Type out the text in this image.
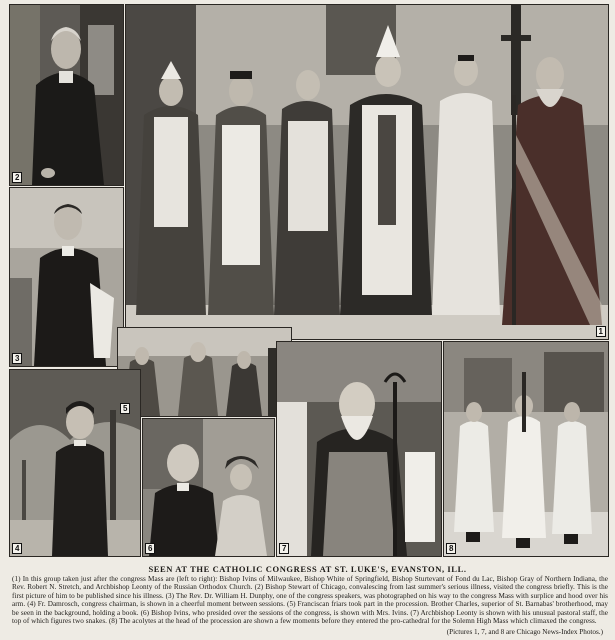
2
1
3
5
4	6	7	8
SEEN AT THE CATHOLIC CONGRESS AT ST. LUKE'S, EVANSTON, ILL.
(1) In this group taken just after the congress Mass are (left to right): Bishop Ivins of Milwaukee, Bishop White of Springfield, Bishop Sturtevant of Fond du Lac, Bishop Gray of Northern Indiana, the Rev. Robert N. Stretch, and Archbishop Leonty of the Russian Orthodox Church. (2) Bishop Stewart of Chicago, convalescing from last summer's serious illness, visited the congress briefly. This is the first picture of him to be published since his illness. (3) The Rev. Dr. William H. Dunphy, one of the congress speakers, was photographed on his way to the congress Mass with surplice and hood over his arm. (4) Fr. Damrosch, congress chairman, is shown in a cheerful moment between sessions. (5) Franciscan friars took part in the procession. Brother Charles, superior of St. Barnabas' brotherhood, may be seen in the background, holding a book. (6) Bishop Ivins, who presided over the sessions of the congress, is shown with Mrs. Ivins. (7) Archbishop Leonty is shown with his unusual pastoral staff, the top of which figures two snakes. (8) The acolytes at the head of the procession are shown a few moments before they entered the pro-cathedral for the Solemn High Mass which climaxed the congress.
(Pictures 1, 7, and 8 are Chicago News-Index Photos.)
